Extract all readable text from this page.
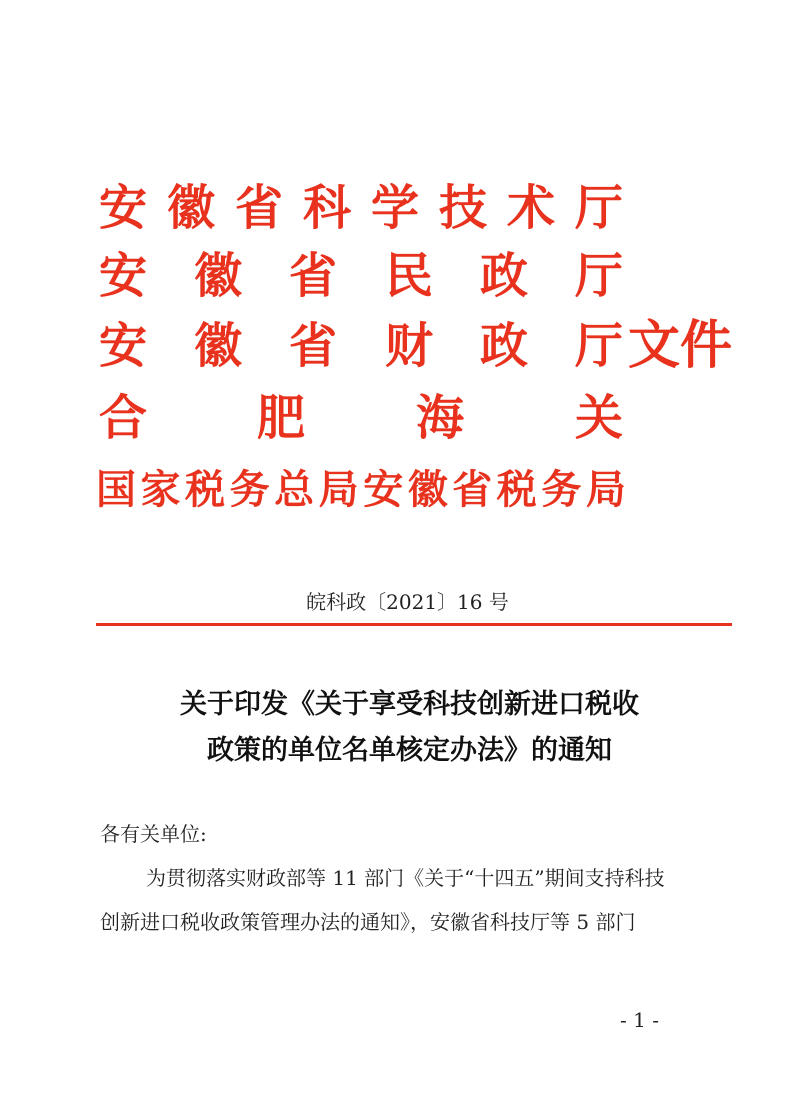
安 徽 省 科 学 技 术 厅
安 徽 省 民 政 厅
安 徽 省 财 政 厅
合 肥 海 关
国 家 税 务 总 局 安 徽 省 税 务 局
文件
皖科政〔2021〕16 号
关于印发《关于享受科技创新进口税收
政策的单位名单核定办法》的通知
各有关单位:
为贯彻落实财政部等 11 部门《关于“十四五”期间支持科技
创新进口税收政策管理办法的通知》，安徽省科技厅等 5 部门
- 1 -
